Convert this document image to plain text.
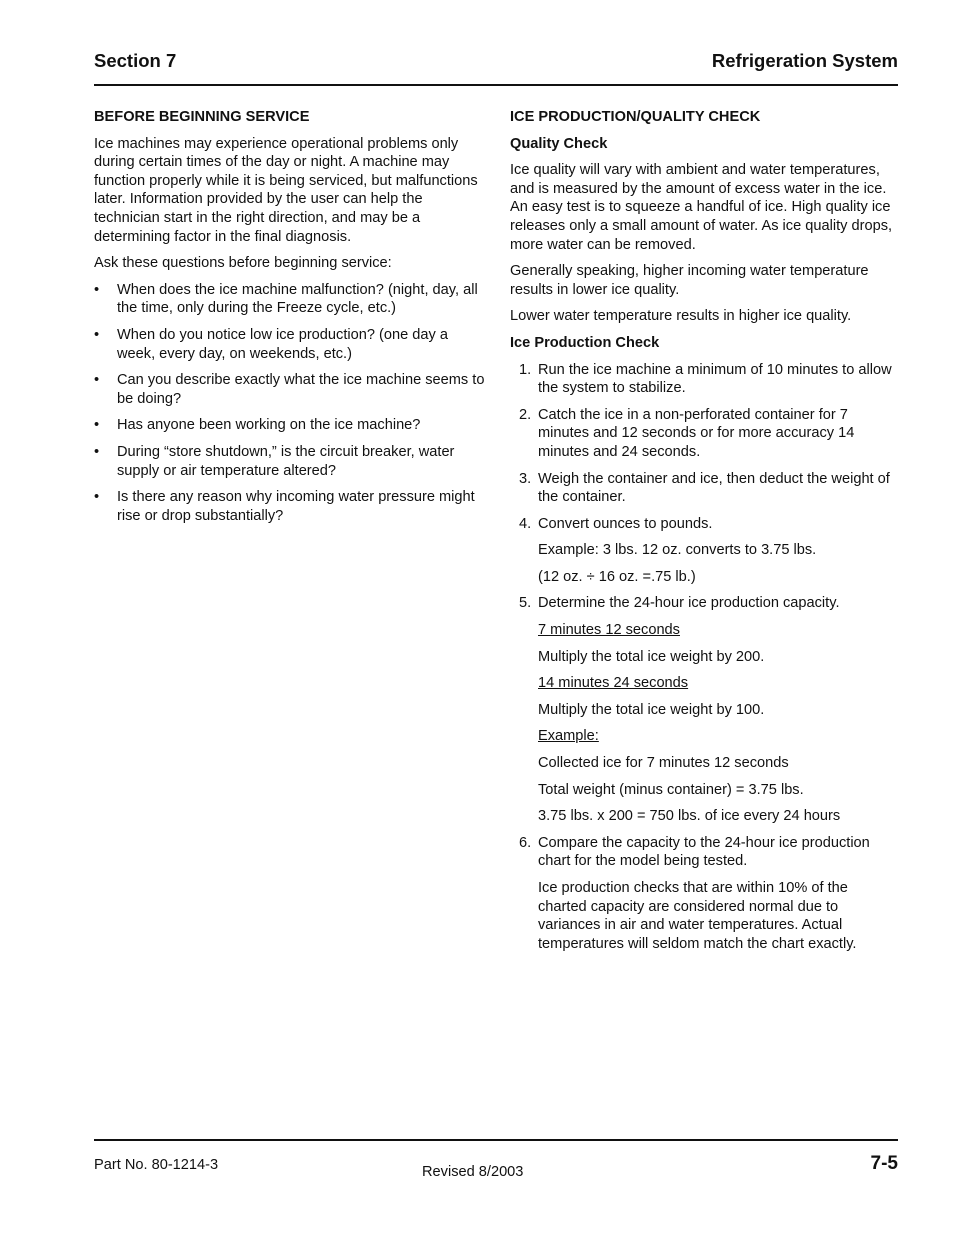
Section 7	Refrigeration System
BEFORE BEGINNING SERVICE

Ice machines may experience operational problems only during certain times of the day or night. A machine may function properly while it is being serviced, but malfunctions later. Information provided by the user can help the technician start in the right direction, and may be a determining factor in the final diagnosis.

Ask these questions before beginning service:

• When does the ice machine malfunction? (night, day, all the time, only during the Freeze cycle, etc.)
• When do you notice low ice production? (one day a week, every day, on weekends, etc.)
• Can you describe exactly what the ice machine seems to be doing?
• Has anyone been working on the ice machine?
• During “store shutdown,” is the circuit breaker, water supply or air temperature altered?
• Is there any reason why incoming water pressure might rise or drop substantially?
ICE PRODUCTION/QUALITY CHECK
Quality Check

Ice quality will vary with ambient and water temperatures, and is measured by the amount of excess water in the ice. An easy test is to squeeze a handful of ice. High quality ice releases only a small amount of water. As ice quality drops, more water can be removed.

Generally speaking, higher incoming water temperature results in lower ice quality.

Lower water temperature results in higher ice quality.

Ice Production Check
1. Run the ice machine a minimum of 10 minutes to allow the system to stabilize.
2. Catch the ice in a non-perforated container for 7 minutes and 12 seconds or for more accuracy 14 minutes and 24 seconds.
3. Weigh the container and ice, then deduct the weight of the container.
4. Convert ounces to pounds.
Example: 3 lbs. 12 oz. converts to 3.75 lbs.
(12 oz. ÷ 16 oz. =.75 lb.)
5. Determine the 24-hour ice production capacity.
7 minutes 12 seconds
Multiply the total ice weight by 200.
14 minutes 24 seconds
Multiply the total ice weight by 100.
Example:
Collected ice for 7 minutes 12 seconds
Total weight (minus container) = 3.75 lbs.
3.75 lbs. x 200 = 750 lbs. of ice every 24 hours
6. Compare the capacity to the 24-hour ice production chart for the model being tested.
Ice production checks that are within 10% of the charted capacity are considered normal due to variances in air and water temperatures. Actual temperatures will seldom match the chart exactly.
Part No. 80-1214-3	Revised 8/2003	7-5
